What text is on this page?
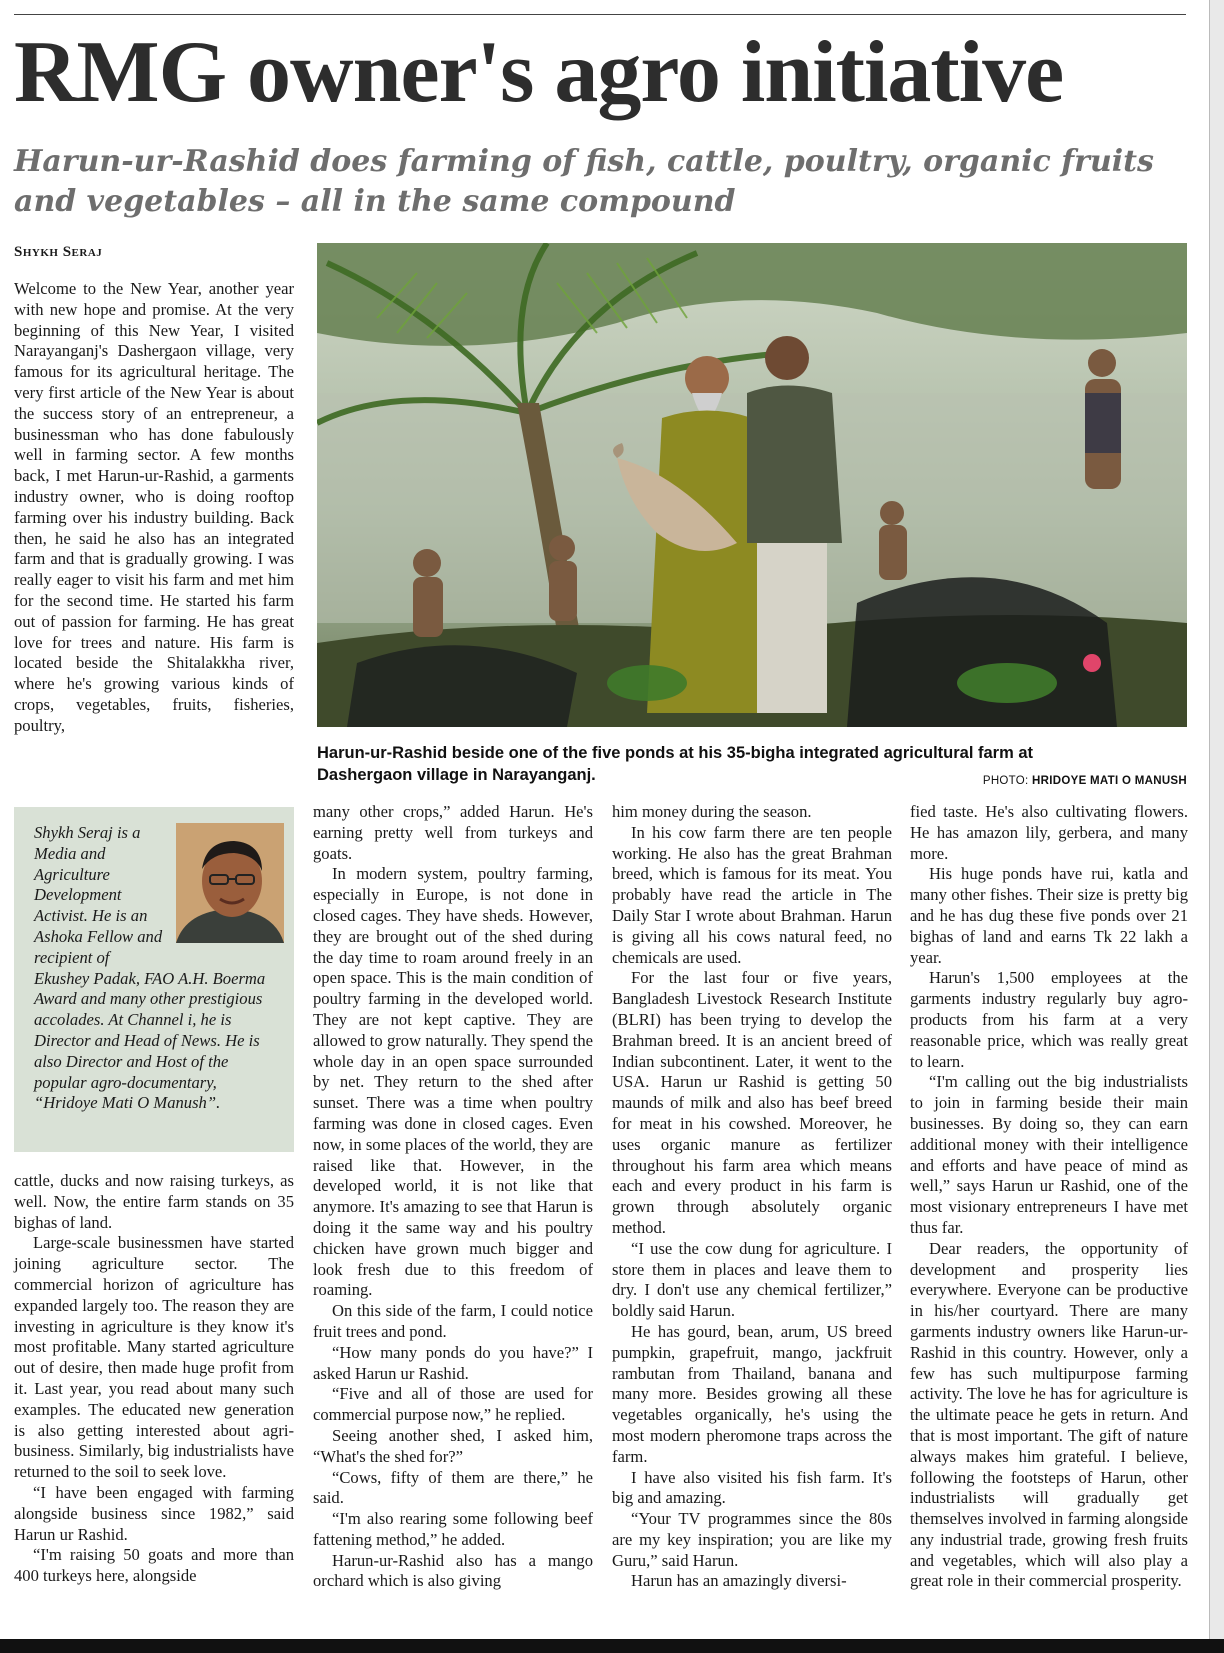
RMG owner's agro initiative
Harun-ur-Rashid does farming of fish, cattle, poultry, organic fruits and vegetables – all in the same compound
Shykh Seraj

Welcome to the New Year, another year with new hope and promise. At the very beginning of this New Year, I visited Narayanganj's Dashergaon village, very famous for its agricultural heritage. The very first article of the New Year is about the success story of an entrepreneur, a businessman who has done fabulously well in farming sector. A few months back, I met Harun-ur-Rashid, a garments industry owner, who is doing rooftop farming over his industry building. Back then, he said he also has an integrated farm and that is gradually growing. I was really eager to visit his farm and met him for the second time. He started his farm out of passion for farming. He has great love for trees and nature. His farm is located beside the Shitalakkha river, where he's growing various kinds of crops, vegetables, fruits, fisheries, poultry,

Harun-ur-Rashid beside one of the five ponds at his 35-bigha integrated agricultural farm at Dashergaon village in Narayanganj.	PHOTO: HRIDOYE MATI O MANUSH

Shykh Seraj is a Media and Agriculture Development Activist. He is an Ashoka Fellow and recipient of Ekushey Padak, FAO A.H. Boerma Award and many other prestigious accolades. At Channel i, he is Director and Head of News. He is also Director and Host of the popular agro-documentary, “Hridoye Mati O Manush”.

cattle, ducks and now raising turkeys, as well. Now, the entire farm stands on 35 bighas of land.

Large-scale businessmen have started joining agriculture sector. The commercial horizon of agriculture has expanded largely too. The reason they are investing in agriculture is they know it's most profitable. Many started agriculture out of desire, then made huge profit from it. Last year, you read about many such examples. The educated new generation is also getting interested about agri-business. Similarly, big industrialists have returned to the soil to seek love.

“I have been engaged with farming alongside business since 1982,” said Harun ur Rashid.

“I'm raising 50 goats and more than 400 turkeys here, alongside

many other crops,” added Harun. He's earning pretty well from turkeys and goats.

In modern system, poultry farming, especially in Europe, is not done in closed cages. They have sheds. However, they are brought out of the shed during the day time to roam around freely in an open space. This is the main condition of poultry farming in the developed world. They are not kept captive. They are allowed to grow naturally. They spend the whole day in an open space surrounded by net. They return to the shed after sunset. There was a time when poultry farming was done in closed cages. Even now, in some places of the world, they are raised like that. However, in the developed world, it is not like that anymore. It's amazing to see that Harun is doing it the same way and his poultry chicken have grown much bigger and look fresh due to this freedom of roaming.

On this side of the farm, I could notice fruit trees and pond.

“How many ponds do you have?” I asked Harun ur Rashid.

“Five and all of those are used for commercial purpose now,” he replied.

Seeing another shed, I asked him, “What's the shed for?”

“Cows, fifty of them are there,” he said.

“I'm also rearing some following beef fattening method,” he added.

Harun-ur-Rashid also has a mango orchard which is also giving

him money during the season.

In his cow farm there are ten people working. He also has the great Brahman breed, which is famous for its meat. You probably have read the article in The Daily Star I wrote about Brahman. Harun is giving all his cows natural feed, no chemicals are used.

For the last four or five years, Bangladesh Livestock Research Institute (BLRI) has been trying to develop the Brahman breed. It is an ancient breed of Indian subcontinent. Later, it went to the USA. Harun ur Rashid is getting 50 maunds of milk and also has beef breed for meat in his cowshed. Moreover, he uses organic manure as fertilizer throughout his farm area which means each and every product in his farm is grown through absolutely organic method.

“I use the cow dung for agriculture. I store them in places and leave them to dry. I don't use any chemical fertilizer,” boldly said Harun.

He has gourd, bean, arum, US breed pumpkin, grapefruit, mango, jackfruit rambutan from Thailand, banana and many more. Besides growing all these vegetables organically, he's using the most modern pheromone traps across the farm.

I have also visited his fish farm. It's big and amazing.

“Your TV programmes since the 80s are my key inspiration; you are like my Guru,” said Harun.

Harun has an amazingly diversi-

fied taste. He's also cultivating flowers. He has amazon lily, gerbera, and many more.

His huge ponds have rui, katla and many other fishes. Their size is pretty big and he has dug these five ponds over 21 bighas of land and earns Tk 22 lakh a year.

Harun's 1,500 employees at the garments industry regularly buy agro-products from his farm at a very reasonable price, which was really great to learn.

“I'm calling out the big industrialists to join in farming beside their main businesses. By doing so, they can earn additional money with their intelligence and efforts and have peace of mind as well,” says Harun ur Rashid, one of the most visionary entrepreneurs I have met thus far.

Dear readers, the opportunity of development and prosperity lies everywhere. Everyone can be productive in his/her courtyard. There are many garments industry owners like Harun-ur-Rashid in this country. However, only a few has such multipurpose farming activity. The love he has for agriculture is the ultimate peace he gets in return. And that is most important. The gift of nature always makes him grateful. I believe, following the footsteps of Harun, other industrialists will gradually get themselves involved in farming alongside any industrial trade, growing fresh fruits and vegetables, which will also play a great role in their commercial prosperity.
